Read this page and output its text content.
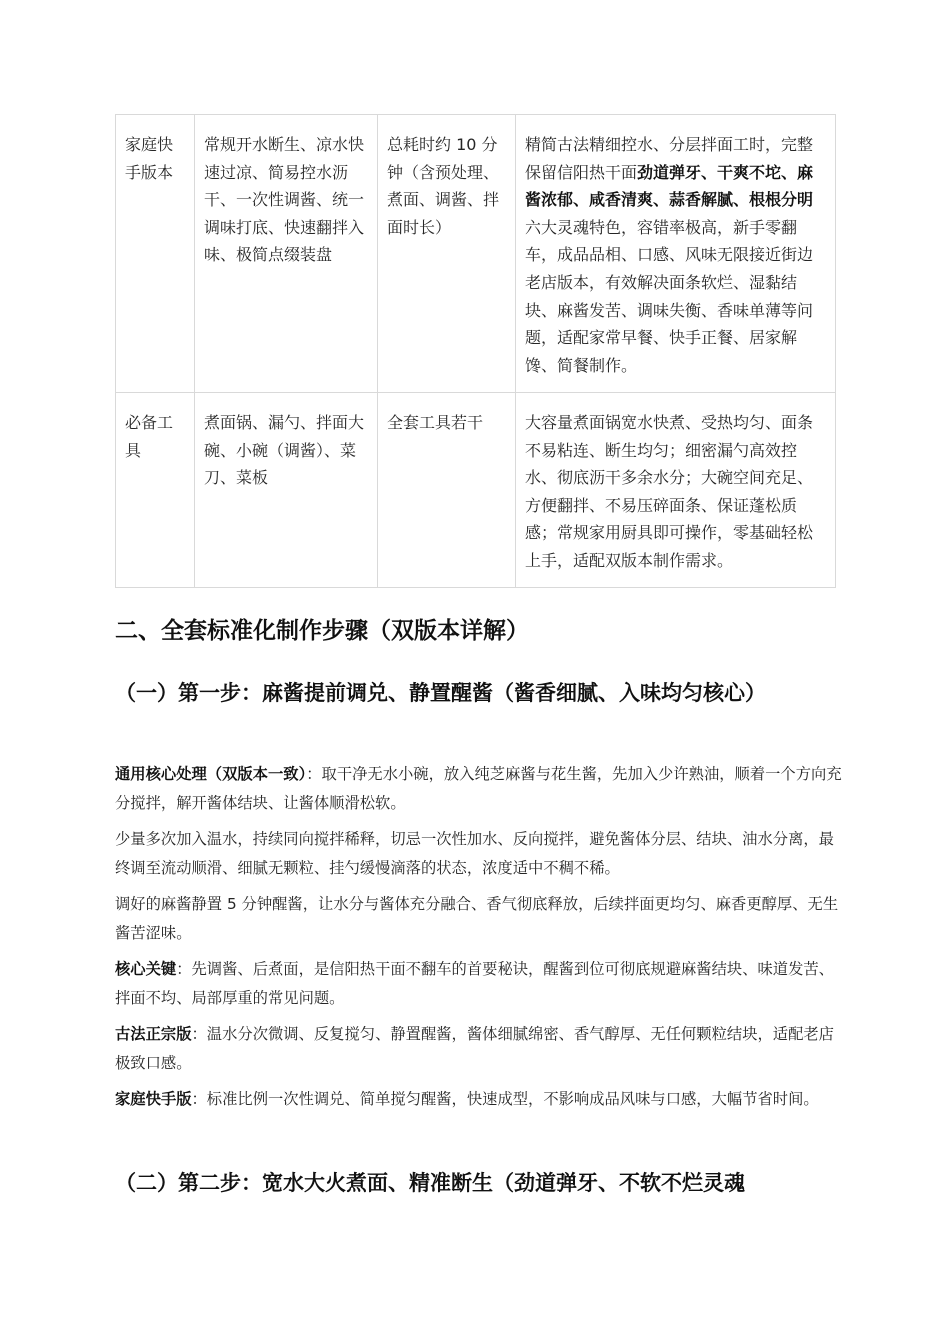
家庭快手版本	常规开水断生、凉水快速过凉、简易控水沥干、一次性调酱、统一调味打底、快速翻拌入味、极简点缀装盘	总耗时约 10 分钟（含预处理、煮面、调酱、拌面时长）	精简古法精细控水、分层拌面工时，完整保留信阳热干面劲道弹牙、干爽不坨、麻酱浓郁、咸香清爽、蒜香解腻、根根分明六大灵魂特色，容错率极高，新手零翻车，成品品相、口感、风味无限接近街边老店版本，有效解决面条软烂、湿黏结块、麻酱发苦、调味失衡、香味单薄等问题，适配家常早餐、快手正餐、居家解馋、简餐制作。
必备工具	煮面锅、漏勺、拌面大碗、小碗（调酱）、菜刀、菜板	全套工具若干	大容量煮面锅宽水快煮、受热均匀、面条不易粘连、断生均匀；细密漏勺高效控水、彻底沥干多余水分；大碗空间充足、方便翻拌、不易压碎面条、保证蓬松质感；常规家用厨具即可操作，零基础轻松上手，适配双版本制作需求。
二、全套标准化制作步骤（双版本详解）
（一）第一步：麻酱提前调兑、静置醒酱（酱香细腻、入味均匀核心）

通用核心处理（双版本一致）：取干净无水小碗，放入纯芝麻酱与花生酱，先加入少许熟油，顺着一个方向充分搅拌，解开酱体结块、让酱体顺滑松软。

少量多次加入温水，持续同向搅拌稀释，切忌一次性加水、反向搅拌，避免酱体分层、结块、油水分离，最终调至流动顺滑、细腻无颗粒、挂勺缓慢滴落的状态，浓度适中不稠不稀。

调好的麻酱静置 5 分钟醒酱，让水分与酱体充分融合、香气彻底释放，后续拌面更均匀、麻香更醇厚、无生酱苦涩味。

核心关键：先调酱、后煮面，是信阳热干面不翻车的首要秘诀，醒酱到位可彻底规避麻酱结块、味道发苦、拌面不均、局部厚重的常见问题。

古法正宗版：温水分次微调、反复搅匀、静置醒酱，酱体细腻绵密、香气醇厚、无任何颗粒结块，适配老店极致口感。

家庭快手版：标准比例一次性调兑、简单搅匀醒酱，快速成型，不影响成品风味与口感，大幅节省时间。

（二）第二步：宽水大火煮面、精准断生（劲道弹牙、不软不烂灵魂
